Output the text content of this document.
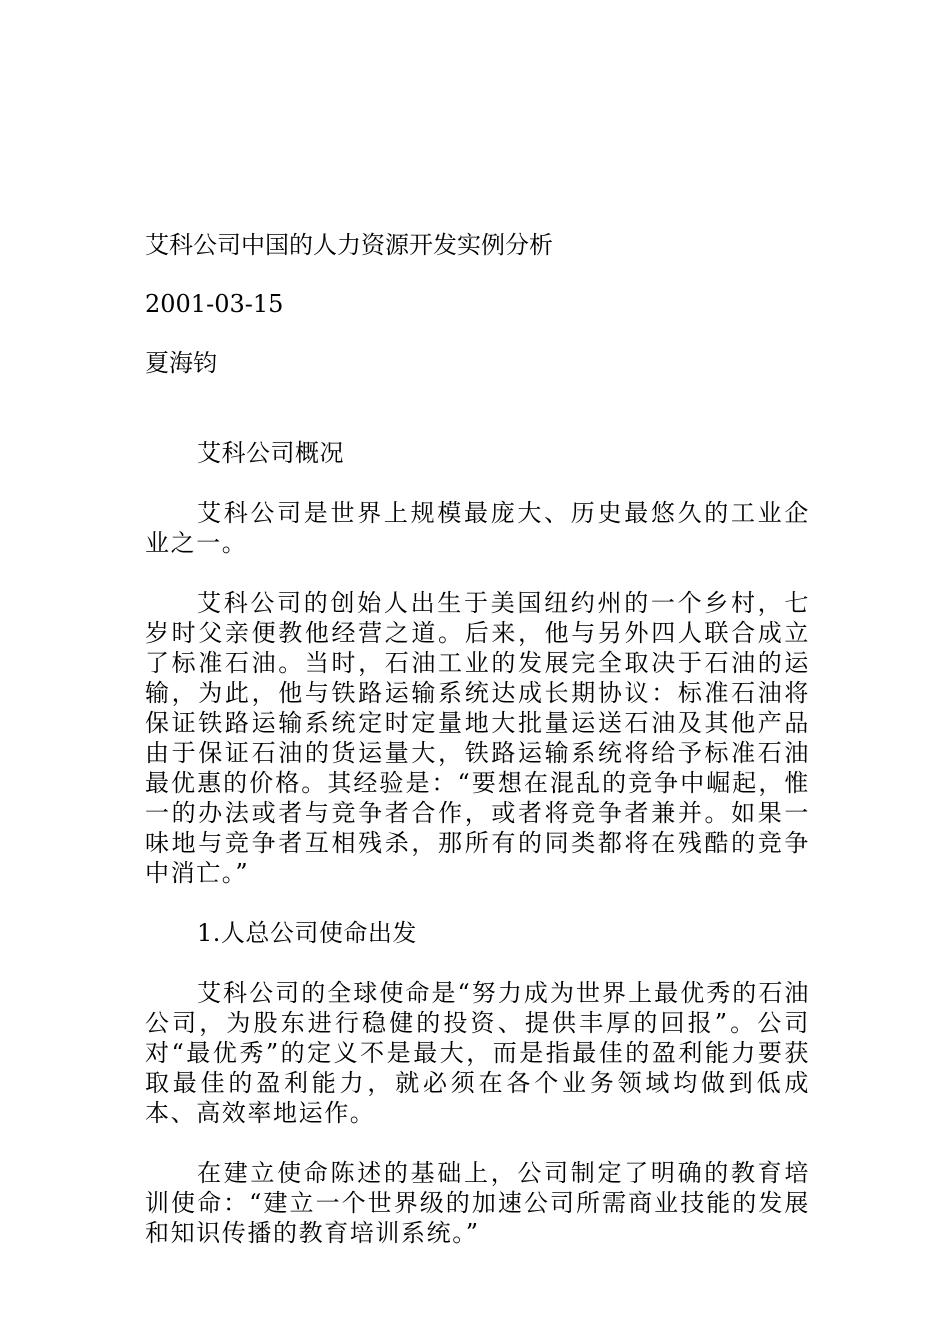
艾科公司中国的人力资源开发实例分析

2001-03-15

夏海钧

艾科公司概况

艾科公司是世界上规模最庞大、历史最悠久的工业企业之一。

艾科公司的创始人出生于美国纽约州的一个乡村，七岁时父亲便教他经营之道。后来，他与另外四人联合成立了标准石油。当时，石油工业的发展完全取决于石油的运输，为此，他与铁路运输系统达成长期协议：标准石油将保证铁路运输系统定时定量地大批量运送石油及其他产品由于保证石油的货运量大，铁路运输系统将给予标准石油最优惠的价格。其经验是：“要想在混乱的竞争中崛起，惟一的办法或者与竞争者合作，或者将竞争者兼并。如果一味地与竞争者互相残杀，那所有的同类都将在残酷的竞争中消亡。”

1.人总公司使命出发

艾科公司的全球使命是“努力成为世界上最优秀的石油公司，为股东进行稳健的投资、提供丰厚的回报”。公司对“最优秀”的定义不是最大，而是指最佳的盈利能力要获取最佳的盈利能力，就必须在各个业务领域均做到低成本、高效率地运作。

在建立使命陈述的基础上，公司制定了明确的教育培训使命：“建立一个世界级的加速公司所需商业技能的发展和知识传播的教育培训系统。”
